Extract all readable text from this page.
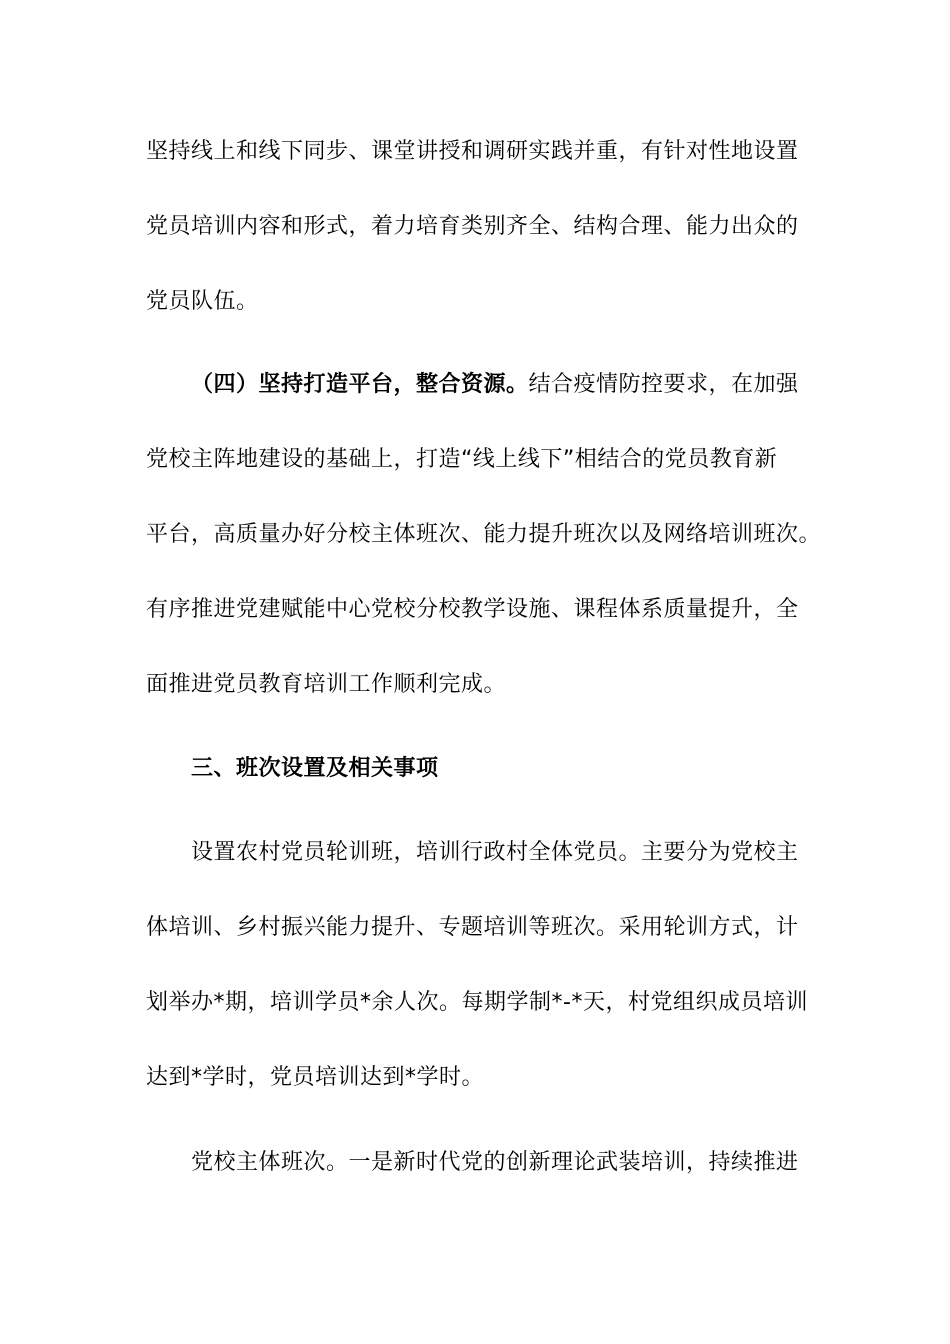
坚持线上和线下同步、课堂讲授和调研实践并重，有针对性地设置
党员培训内容和形式，着力培育类别齐全、结构合理、能力出众的
党员队伍。
（四）坚持打造平台，整合资源。结合疫情防控要求，在加强
党校主阵地建设的基础上，打造“线上线下”相结合的党员教育新
平台，高质量办好分校主体班次、能力提升班次以及网络培训班次。
有序推进党建赋能中心党校分校教学设施、课程体系质量提升，全
面推进党员教育培训工作顺利完成。
三、班次设置及相关事项
设置农村党员轮训班，培训行政村全体党员。主要分为党校主
体培训、乡村振兴能力提升、专题培训等班次。采用轮训方式，计
划举办*期，培训学员*余人次。每期学制*-*天，村党组织成员培训
达到*学时，党员培训达到*学时。
党校主体班次。一是新时代党的创新理论武装培训，持续推进
